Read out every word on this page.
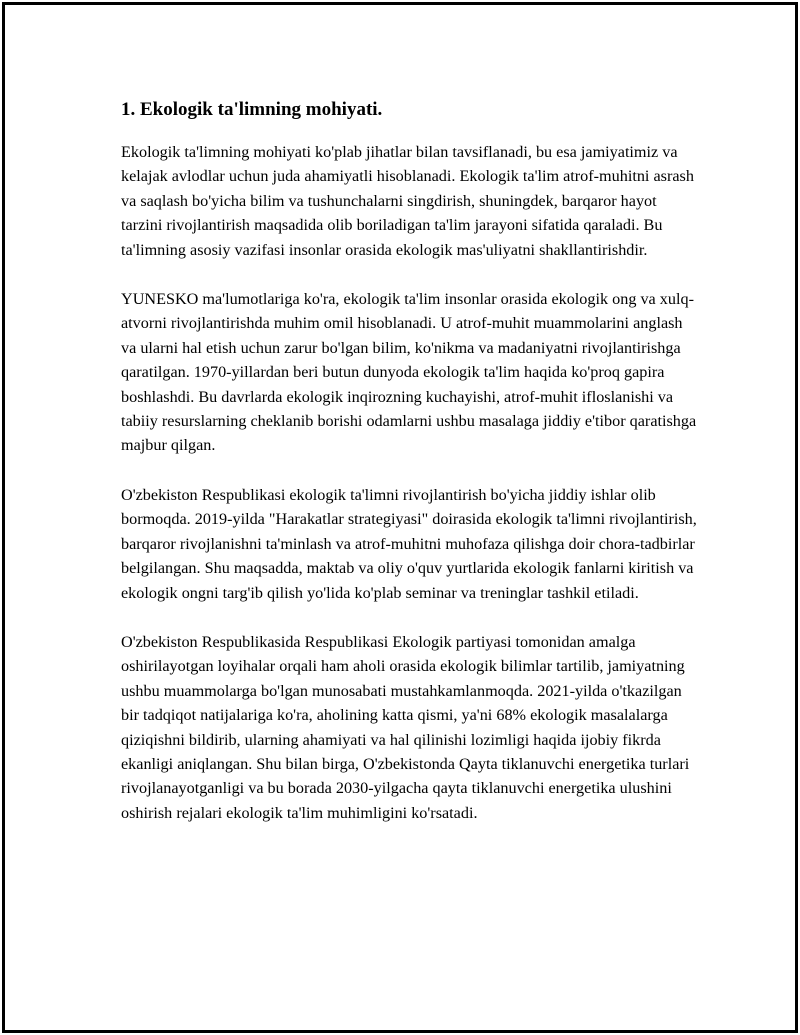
1. Ekologik ta'limning mohiyati.

Ekologik ta'limning mohiyati ko'plab jihatlar bilan tavsiflanadi, bu esa jamiyatimiz va kelajak avlodlar uchun juda ahamiyatli hisoblanadi. Ekologik ta'lim atrof-muhitni asrash va saqlash bo'yicha bilim va tushunchalarni singdirish, shuningdek, barqaror hayot tarzini rivojlantirish maqsadida olib boriladigan ta'lim jarayoni sifatida qaraladi. Bu ta'limning asosiy vazifasi insonlar orasida ekologik mas'uliyatni shakllantirishdir.

YUNESKO ma'lumotlariga ko'ra, ekologik ta'lim insonlar orasida ekologik ong va xulq-atvorni rivojlantirishda muhim omil hisoblanadi. U atrof-muhit muammolarini anglash va ularni hal etish uchun zarur bo'lgan bilim, ko'nikma va madaniyatni rivojlantirishga qaratilgan. 1970-yillardan beri butun dunyoda ekologik ta'lim haqida ko'proq gapira boshlashdi. Bu davrlarda ekologik inqirozning kuchayishi, atrof-muhit ifloslanishi va tabiiy resurslarning cheklanib borishi odamlarni ushbu masalaga jiddiy e'tibor qaratishga majbur qilgan.

O'zbekiston Respublikasi ekologik ta'limni rivojlantirish bo'yicha jiddiy ishlar olib bormoqda. 2019-yilda "Harakatlar strategiyasi" doirasida ekologik ta'limni rivojlantirish, barqaror rivojlanishni ta'minlash va atrof-muhitni muhofaza qilishga doir chora-tadbirlar belgilangan. Shu maqsadda, maktab va oliy o'quv yurtlarida ekologik fanlarni kiritish va ekologik ongni targ'ib qilish yo'lida ko'plab seminar va treninglar tashkil etiladi.

O'zbekiston Respublikasida Respublikasi Ekologik partiyasi tomonidan amalga oshirilayotgan loyihalar orqali ham aholi orasida ekologik bilimlar tartilib, jamiyatning ushbu muammolarga bo'lgan munosabati mustahkamlanmoqda. 2021-yilda o'tkazilgan bir tadqiqot natijalariga ko'ra, aholining katta qismi, ya'ni 68% ekologik masalalarga qiziqishni bildirib, ularning ahamiyati va hal qilinishi lozimligi haqida ijobiy fikrda ekanligi aniqlangan. Shu bilan birga, O'zbekistonda Qayta tiklanuvchi energetika turlari rivojlanayotganligi va bu borada 2030-yilgacha qayta tiklanuvchi energetika ulushini oshirish rejalari ekologik ta'lim muhimligini ko'rsatadi.
